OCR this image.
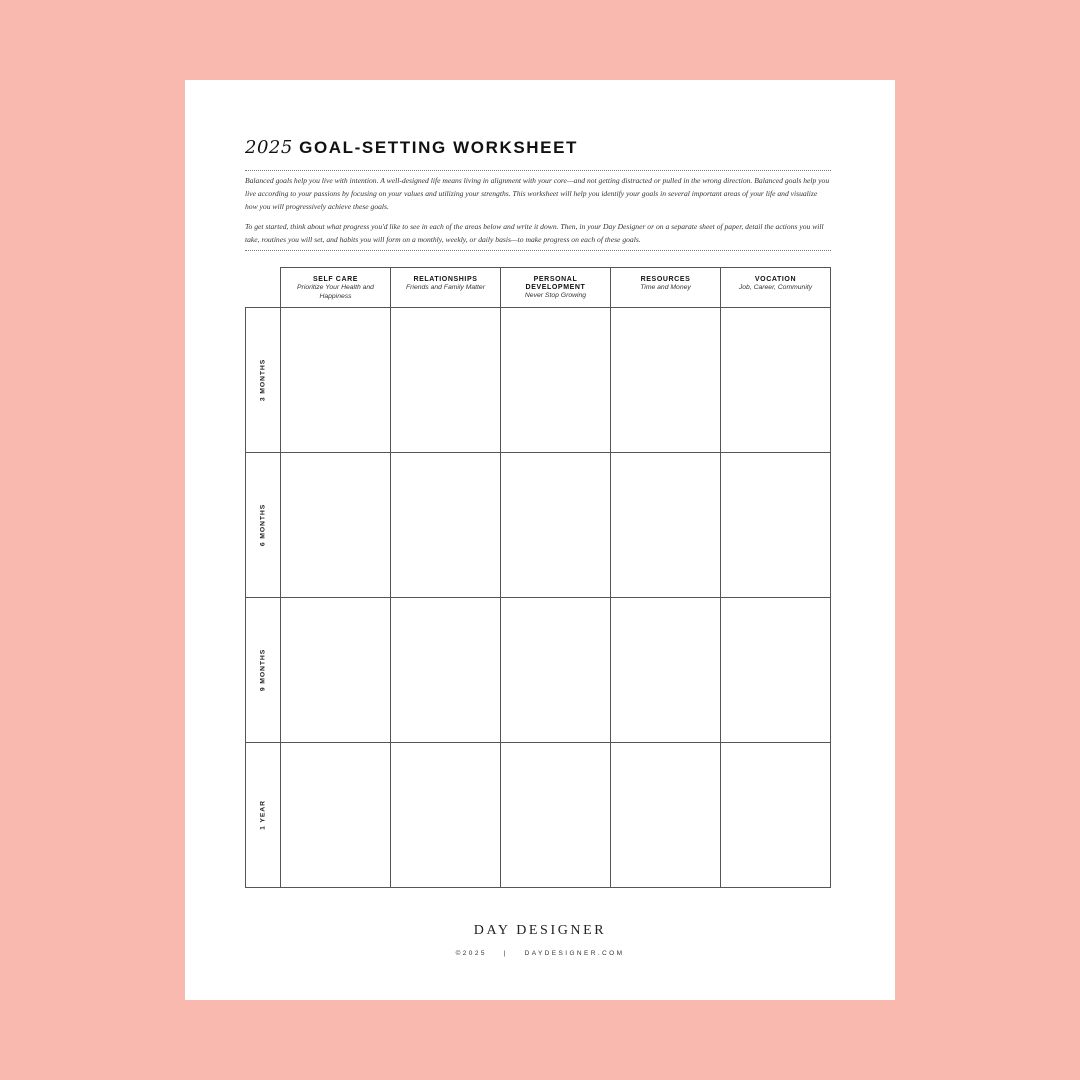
2025 GOAL-SETTING WORKSHEET
Balanced goals help you live with intention. A well-designed life means living in alignment with your core—and not getting distracted or pulled in the wrong direction. Balanced goals help you live according to your passions by focusing on your values and utilizing your strengths. This worksheet will help you identify your goals in several important areas of your life and visualize how you will progressively achieve these goals.
To get started, think about what progress you'd like to see in each of the areas below and write it down. Then, in your Day Designer or on a separate sheet of paper, detail the actions you will take, routines you will set, and habits you will form on a monthly, weekly, or daily basis—to make progress on each of these goals.
SELF CARE
Prioritize Your Health and Happiness
RELATIONSHIPS
Friends and Family Matter
PERSONAL DEVELOPMENT
Never Stop Growing
RESOURCES
Time and Money
VOCATION
Job, Career, Community
3 MONTHS
6 MONTHS
9 MONTHS
1 YEAR
DAY DESIGNER
©2025	|	DAYDESIGNER.COM
